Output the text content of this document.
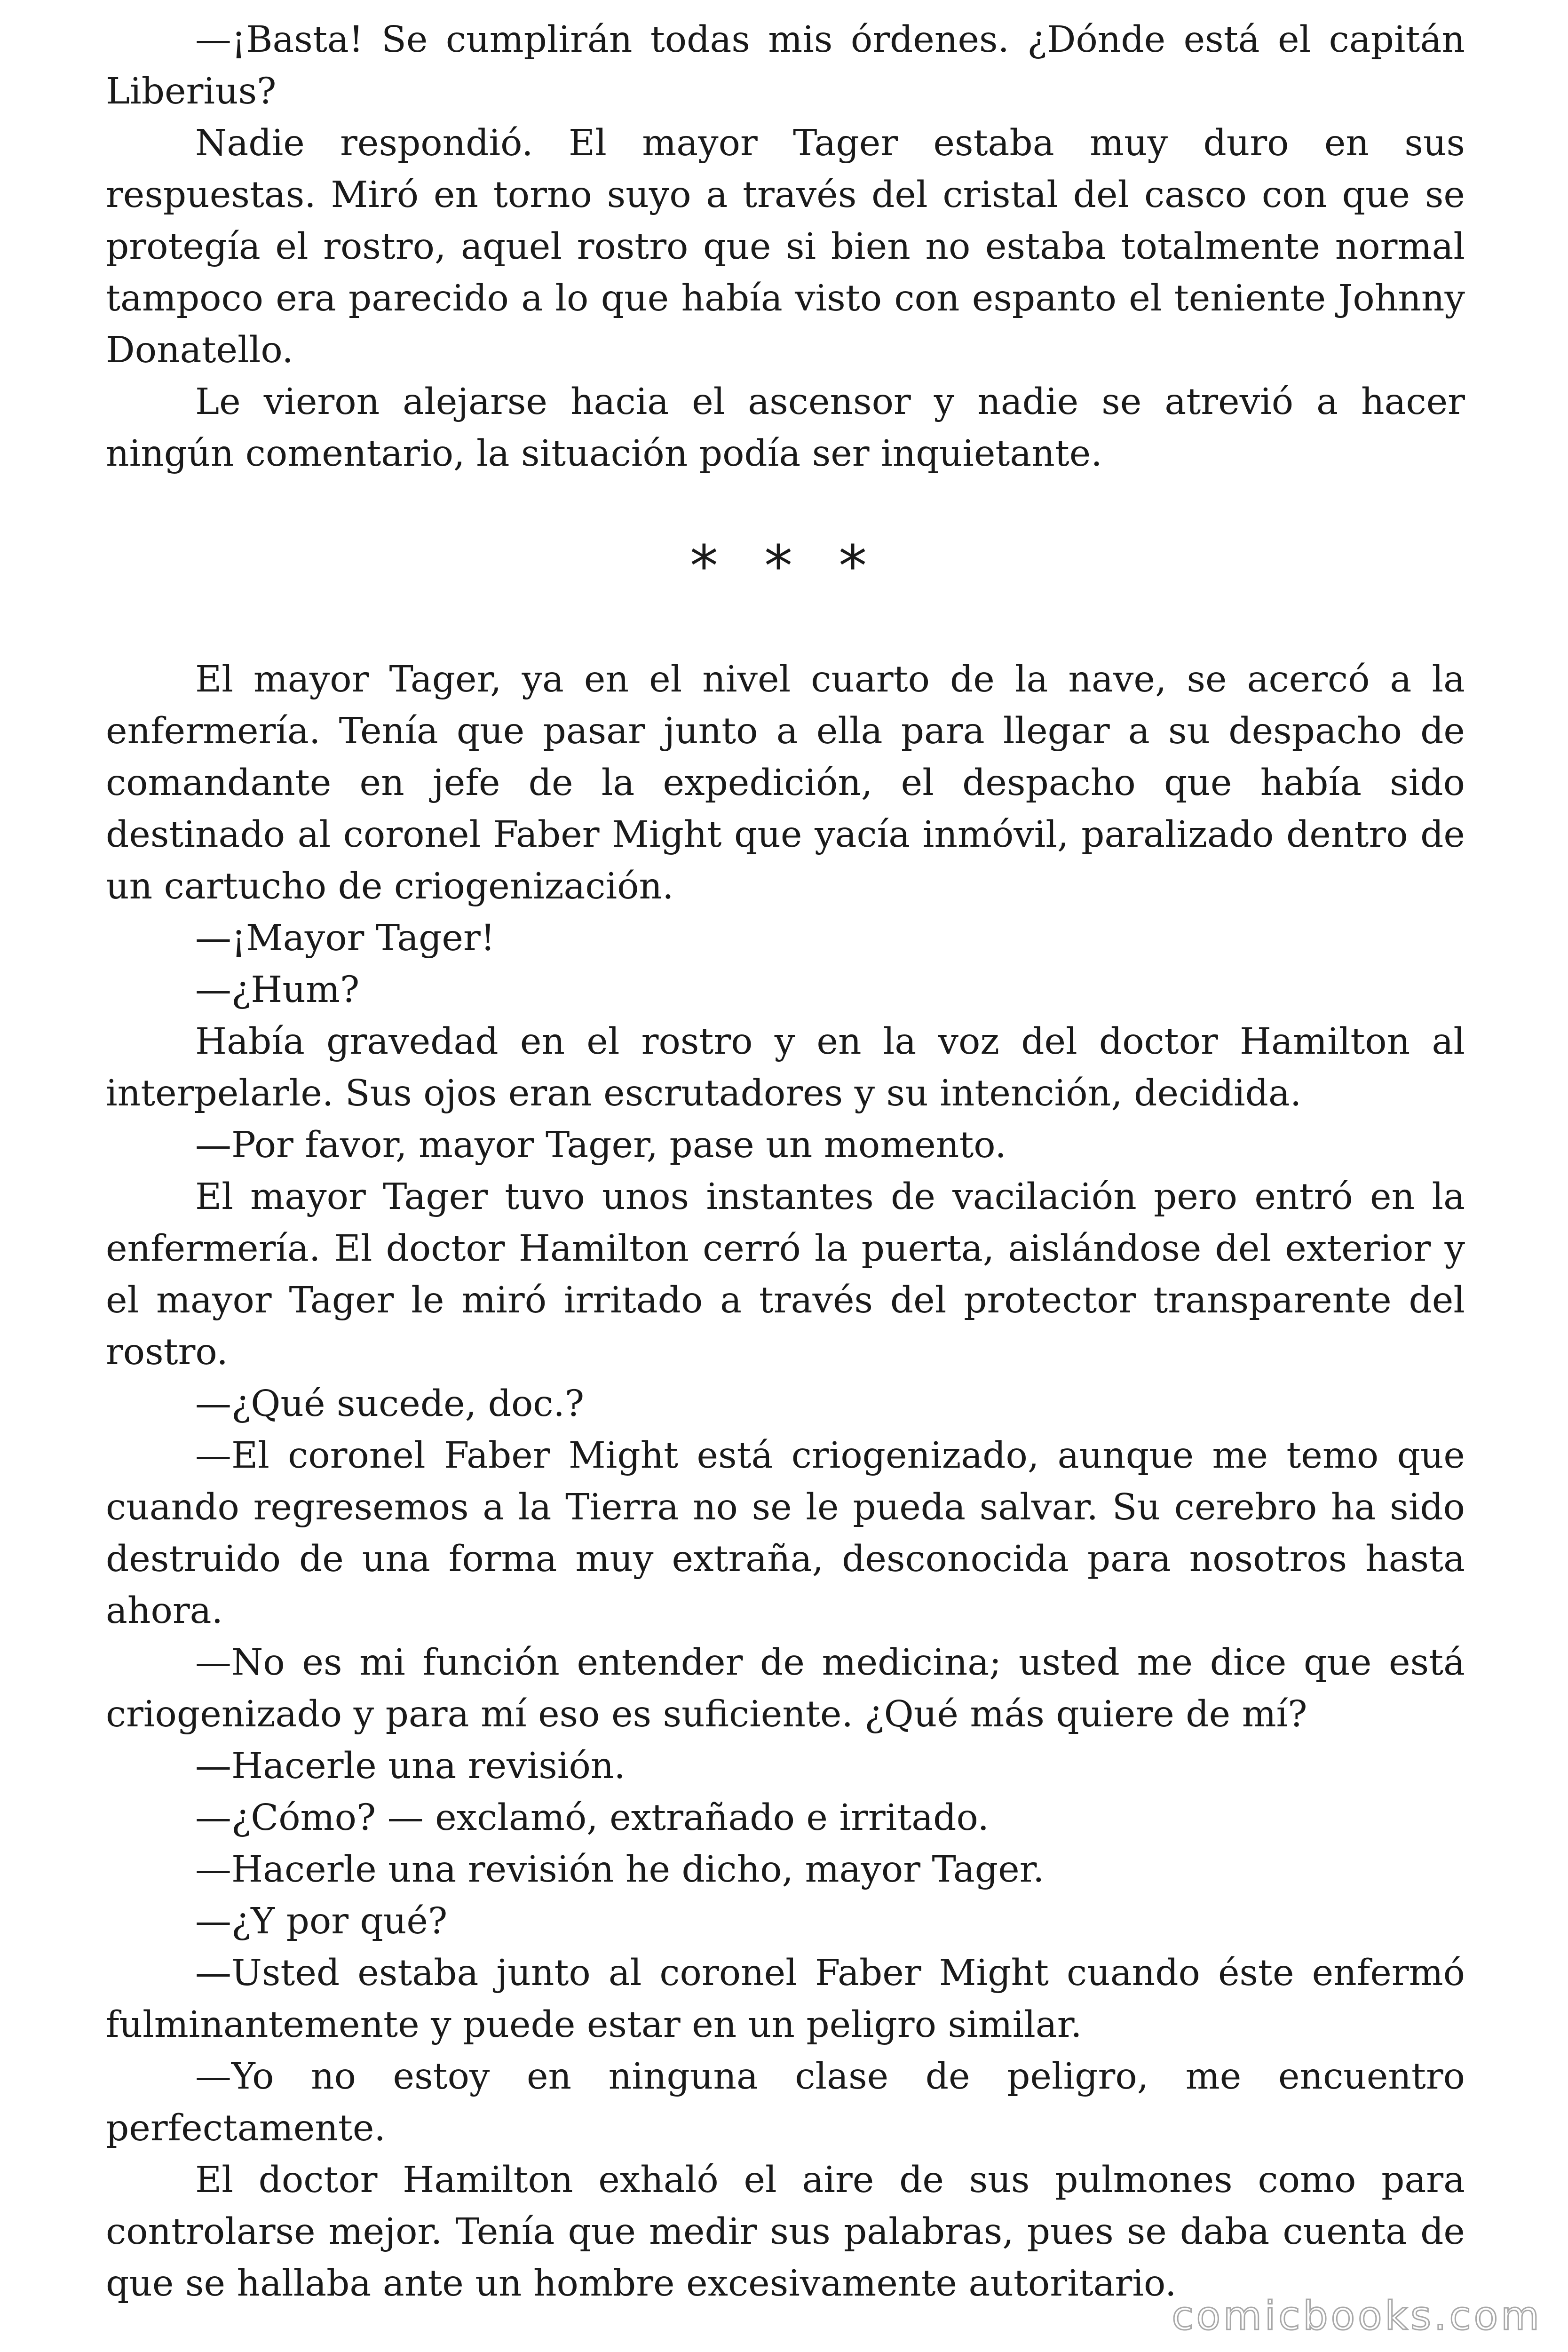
—¡Basta! Se cumplirán todas mis órdenes. ¿Dónde está el capitán Liberius?

Nadie respondió. El mayor Tager estaba muy duro en sus respuestas. Miró en torno suyo a través del cristal del casco con que se protegía el rostro, aquel rostro que si bien no estaba totalmente normal tampoco era parecido a lo que había visto con espanto el teniente Johnny Donatello.

Le vieron alejarse hacia el ascensor y nadie se atrevió a hacer ningún comentario, la situación podía ser inquietante.

* * *

El mayor Tager, ya en el nivel cuarto de la nave, se acercó a la enfermería. Tenía que pasar junto a ella para llegar a su despacho de comandante en jefe de la expedición, el despacho que había sido destinado al coronel Faber Might que yacía inmóvil, paralizado dentro de un cartucho de criogenización.

—¡Mayor Tager!

—¿Hum?

Había gravedad en el rostro y en la voz del doctor Hamilton al interpelarle. Sus ojos eran escrutadores y su intención, decidida.

—Por favor, mayor Tager, pase un momento.

El mayor Tager tuvo unos instantes de vacilación pero entró en la enfermería. El doctor Hamilton cerró la puerta, aislándose del exterior y el mayor Tager le miró irritado a través del protector transparente del rostro.

—¿Qué sucede, doc.?

—El coronel Faber Might está criogenizado, aunque me temo que cuando regresemos a la Tierra no se le pueda salvar. Su cerebro ha sido destruido de una forma muy extraña, desconocida para nosotros hasta ahora.

—No es mi función entender de medicina; usted me dice que está criogenizado y para mí eso es suficiente. ¿Qué más quiere de mí?

—Hacerle una revisión.

—¿Cómo? — exclamó, extrañado e irritado.

—Hacerle una revisión he dicho, mayor Tager.

—¿Y por qué?

—Usted estaba junto al coronel Faber Might cuando éste enfermó fulminantemente y puede estar en un peligro similar.

—Yo no estoy en ninguna clase de peligro, me encuentro perfectamente.

El doctor Hamilton exhaló el aire de sus pulmones como para controlarse mejor. Tenía que medir sus palabras, pues se daba cuenta de que se hallaba ante un hombre excesivamente autoritario.

comicbooks.com
